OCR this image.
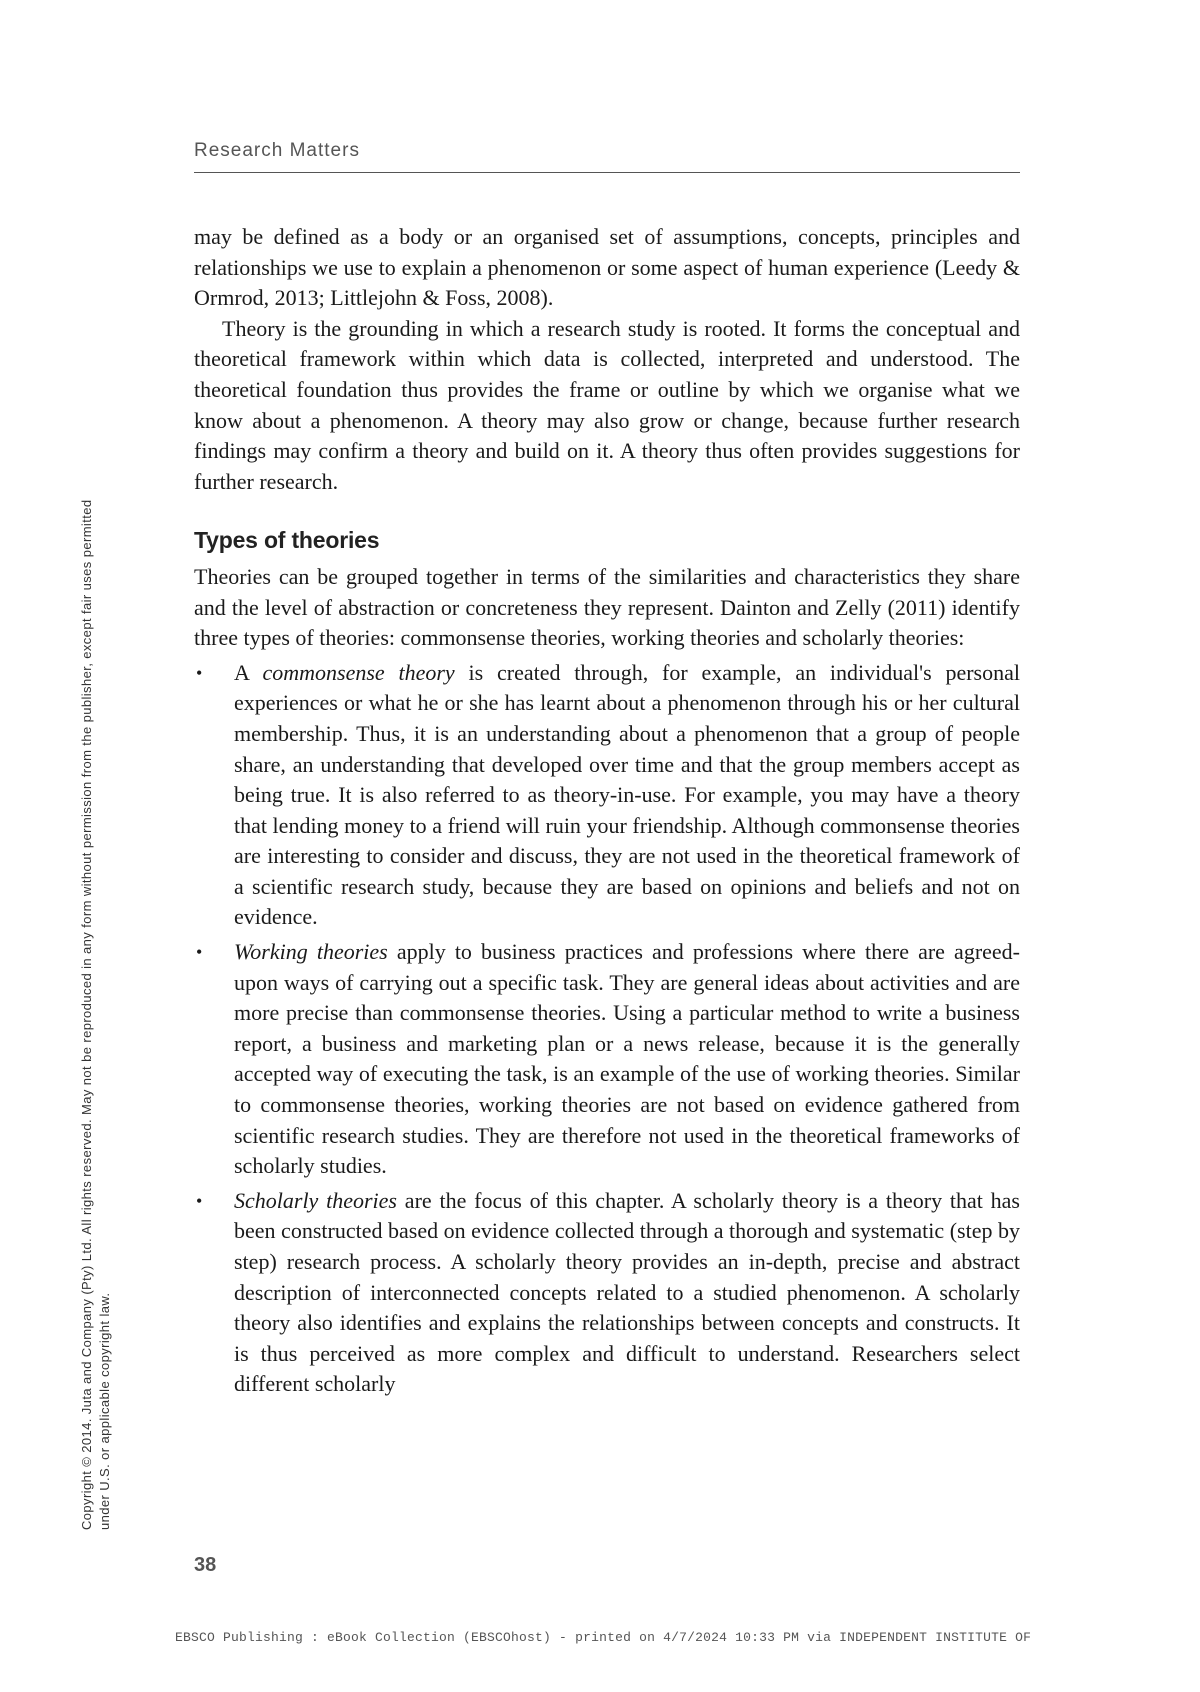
Research Matters
Copyright © 2014. Juta and Company (Pty) Ltd. All rights reserved. May not be reproduced in any form without permission from the publisher, except fair uses permitted under U.S. or applicable copyright law.

may be defined as a body or an organised set of assumptions, concepts, principles and relationships we use to explain a phenomenon or some aspect of human experience (Leedy & Ormrod, 2013; Littlejohn & Foss, 2008).

Theory is the grounding in which a research study is rooted. It forms the conceptual and theoretical framework within which data is collected, interpreted and understood. The theoretical foundation thus provides the frame or outline by which we organise what we know about a phenomenon. A theory may also grow or change, because further research findings may confirm a theory and build on it. A theory thus often provides suggestions for further research.

Types of theories

Theories can be grouped together in terms of the similarities and characteristics they share and the level of abstraction or concreteness they represent. Dainton and Zelly (2011) identify three types of theories: commonsense theories, working theories and scholarly theories:

• A commonsense theory is created through, for example, an individual's personal experiences or what he or she has learnt about a phenomenon through his or her cultural membership. Thus, it is an understanding about a phenomenon that a group of people share, an understanding that developed over time and that the group members accept as being true. It is also referred to as theory-in-use. For example, you may have a theory that lending money to a friend will ruin your friendship. Although commonsense theories are interesting to consider and discuss, they are not used in the theoretical framework of a scientific research study, because they are based on opinions and beliefs and not on evidence.
• Working theories apply to business practices and professions where there are agreed-upon ways of carrying out a specific task. They are general ideas about activities and are more precise than commonsense theories. Using a particular method to write a business report, a business and marketing plan or a news release, because it is the generally accepted way of executing the task, is an example of the use of working theories. Similar to commonsense theories, working theories are not based on evidence gathered from scientific research studies. They are therefore not used in the theoretical frameworks of scholarly studies.
• Scholarly theories are the focus of this chapter. A scholarly theory is a theory that has been constructed based on evidence collected through a thorough and systematic (step by step) research process. A scholarly theory provides an in-depth, precise and abstract description of interconnected concepts related to a studied phenomenon. A scholarly theory also identifies and explains the relationships between concepts and constructs. It is thus perceived as more complex and difficult to understand. Researchers select different scholarly
38
EBSCO Publishing : eBook Collection (EBSCOhost) - printed on 4/7/2024 10:33 PM via INDEPENDENT INSTITUTE OF
